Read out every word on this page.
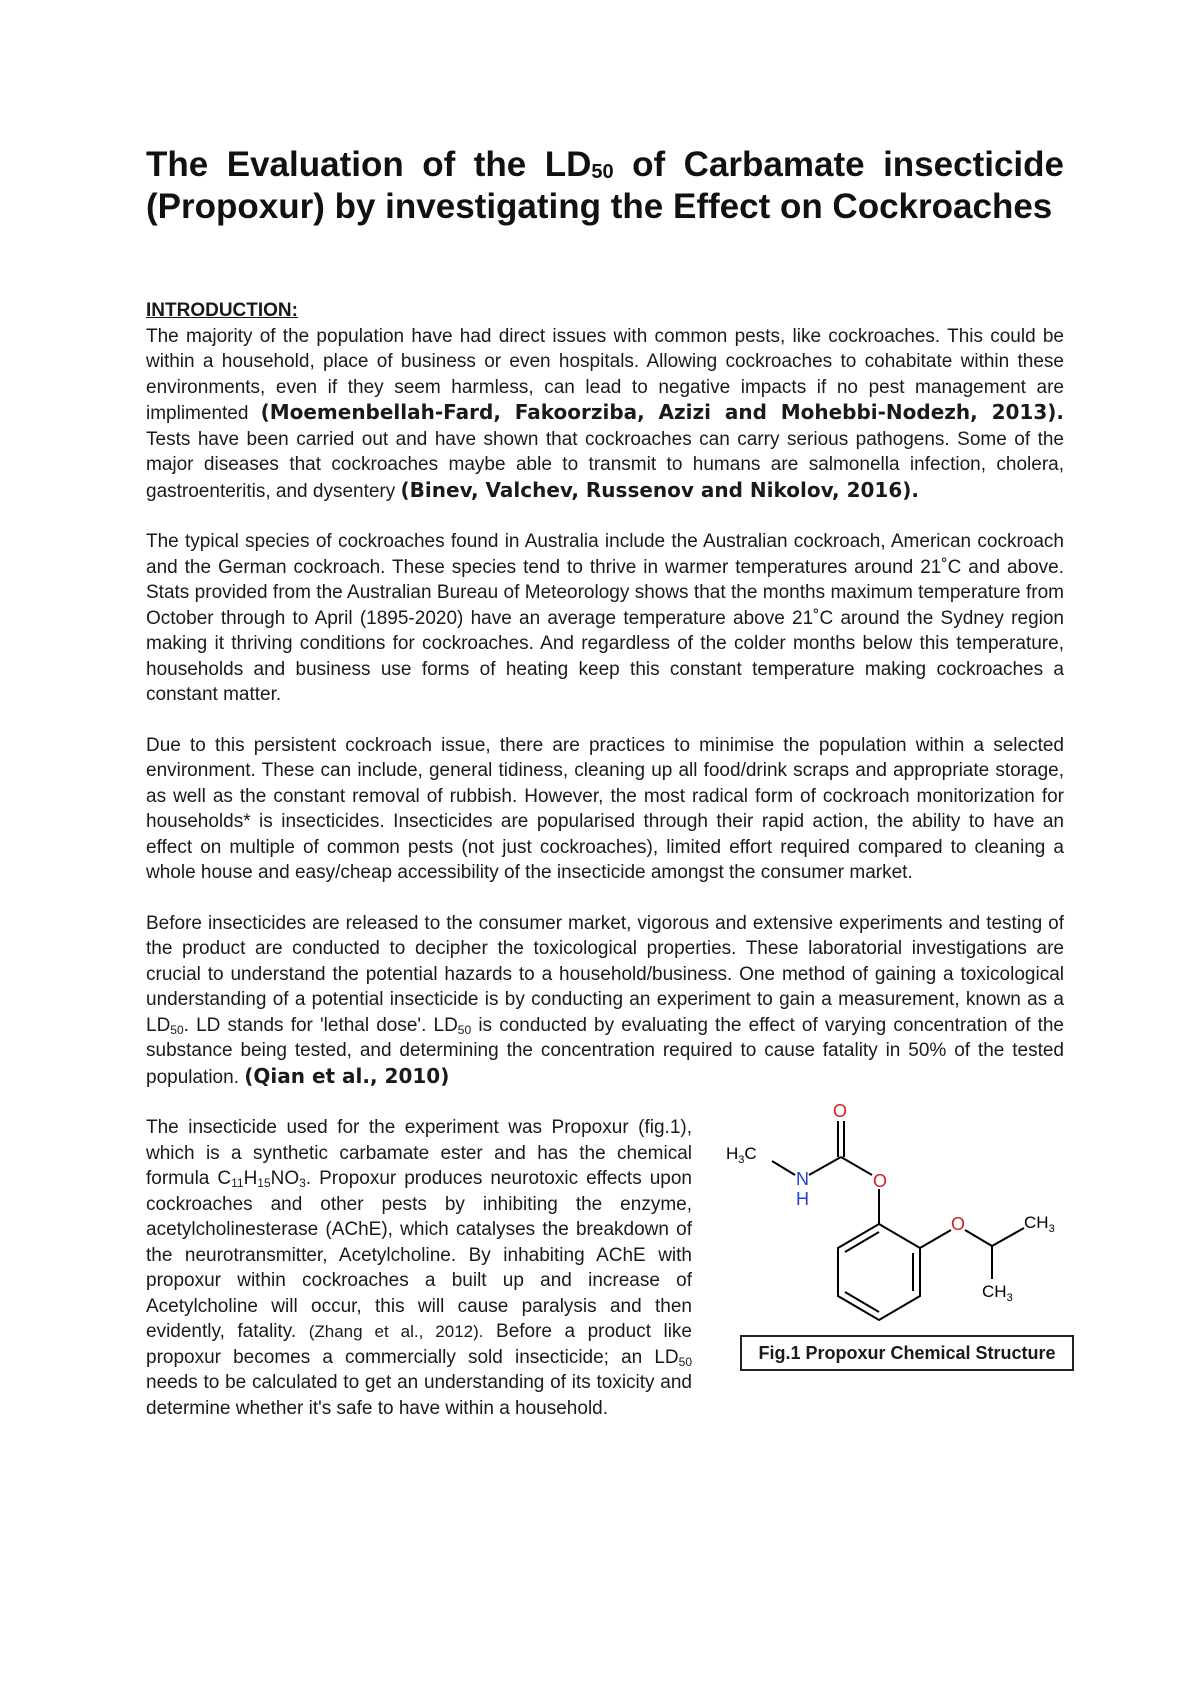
The Evaluation of the $LD_{50}$ of Carbamate insecticide (Propoxur) by investigating the Effect on Cockroaches
INTRODUCTION:

The majority of the population have had direct issues with common pests, like cockroaches. This could be within a household, place of business or even hospitals. Allowing cockroaches to cohabitate within these environments, even if they seem harmless, can lead to negative impacts if no pest management are implimented (Moemenbellah-Fard, Fakoorziba, Azizi and Mohebbi-Nodezh, 2013). Tests have been carried out and have shown that cockroaches can carry serious pathogens. Some of the major diseases that cockroaches maybe able to transmit to humans are salmonella infection, cholera, gastroenteritis, and dysentery (Binev, Valchev, Russenov and Nikolov, 2016).

The typical species of cockroaches found in Australia include the Australian cockroach, American cockroach and the German cockroach. These species tend to thrive in warmer temperatures around 21˚C and above. Stats provided from the Australian Bureau of Meteorology shows that the months maximum temperature from October through to April (1895-2020) have an average temperature above 21˚C around the Sydney region making it thriving conditions for cockroaches. And regardless of the colder months below this temperature, households and business use forms of heating keep this constant temperature making cockroaches a constant matter.

Due to this persistent cockroach issue, there are practices to minimise the population within a selected environment. These can include, general tidiness, cleaning up all food/drink scraps and appropriate storage, as well as the constant removal of rubbish. However, the most radical form of cockroach monitorization for households* is insecticides. Insecticides are popularised through their rapid action, the ability to have an effect on multiple of common pests (not just cockroaches), limited effort required compared to cleaning a whole house and easy/cheap accessibility of the insecticide amongst the consumer market.

Before insecticides are released to the consumer market, vigorous and extensive experiments and testing of the product are conducted to decipher the toxicological properties. These laboratorial investigations are crucial to understand the potential hazards to a household/business. One method of gaining a toxicological understanding of a potential insecticide is by conducting an experiment to gain a measurement, known as a $LD_{50}$. LD stands for 'lethal dose'. $LD_{50}$ is conducted by evaluating the effect of varying concentration of the substance being tested, and determining the concentration required to cause fatality in 50% of the tested population. (Qian et al., 2010)

O
$H_3C$
N
H
O
O	$CH_3$
$CH_3$
Fig.1 Propoxur Chemical Structure

The insecticide used for the experiment was Propoxur (fig.1), which is a synthetic carbamate ester and has the chemical formula $C_{11}H_{15}NO_3$. Propoxur produces neurotoxic effects upon cockroaches and other pests by inhibiting the enzyme, acetylcholinesterase (AChE), which catalyses the breakdown of the neurotransmitter, Acetylcholine. By inhabiting AChE with propoxur within cockroaches a built up and increase of Acetylcholine will occur, this will cause paralysis and then evidently, fatality. (Zhang et al., 2012). Before a product like propoxur becomes a commercially sold insecticide; an $LD_{50}$ needs to be calculated to get an understanding of its toxicity and determine whether it's safe to have within a household.
